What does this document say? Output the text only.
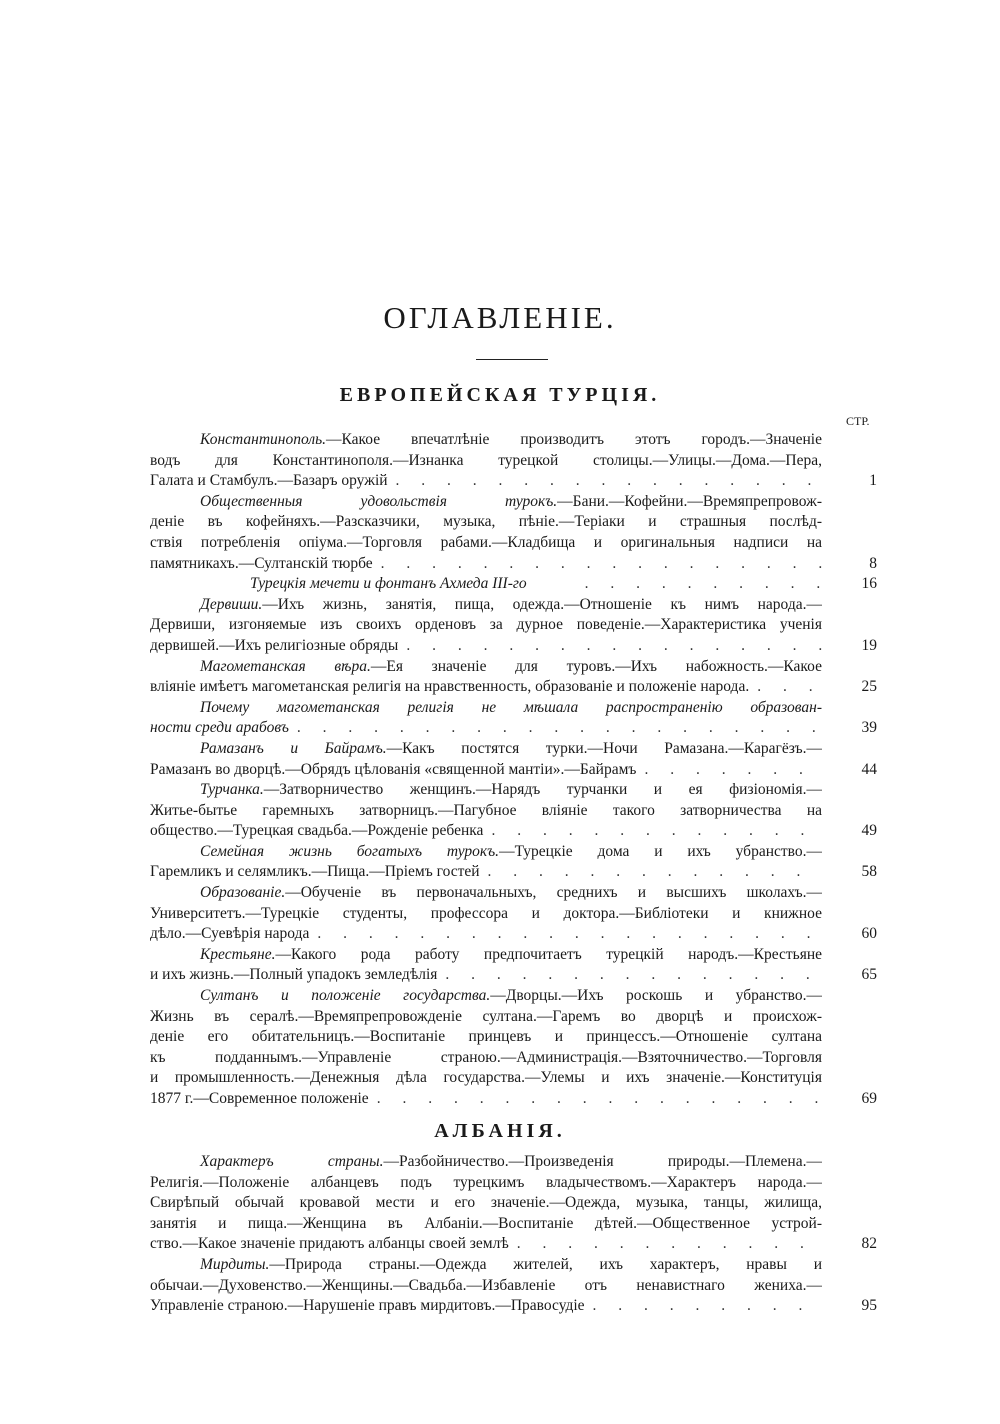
ОГЛАВЛЕНІЕ.
ЕВРОПЕЙСКАЯ ТУРЦІЯ.
СТР.
Константинополь.—Какое впечатлѣніе производитъ этотъ городъ.—Значеніе
водъ для Константинополя.—Изнанка турецкой столицы.—Улицы.—Дома.—Пера,
Галата и Стамбулъ.—Базаръ оружій . . .	1
Общественныя удовольствія турокъ.—Бани.—Кофейни.—Времяпрепровож-
деніе въ кофейняхъ.—Разсказчики, музыка, пѣніе.—Теріаки и страшныя послѣд-
ствія потребленія опіума.—Торговля рабами.—Кладбища и оригинальныя надписи на
памятникахъ.—Султанскій тюрбе . . .	8
Турецкія мечети и фонтанъ Ахмеда III-го . . .	16
Дервиши.—Ихъ жизнь, занятія, пища, одежда.—Отношеніе къ нимъ народа.—
Дервиши, изгоняемые изъ своихъ орденовъ за дурное поведеніе.—Характеристика ученія
дервишей.—Ихъ религіозные обряды . . .	19
Магометанская вѣра.—Ея значеніе для туровъ.—Ихъ набожность.—Какое
вліяніе имѣетъ магометанская религія на нравственность, образованіе и положеніе народа. . . .	25
Почему магометанская религія не мѣшала распространенію образован-
ности среди арабовъ . . .	39
Рамазанъ и Байрамъ.—Какъ постятся турки.—Ночи Рамазана.—Карагёзъ.—
Рамазанъ во дворцѣ.—Обрядъ цѣлованія «священной мантіи».—Байрамъ . . .	44
Турчанка.—Затворничество женщинъ.—Нарядъ турчанки и ея физіономія.—
Житье-бытье гаремныхъ затворницъ.—Пагубное вліяніе такого затворничества на
общество.—Турецкая свадьба.—Рожденіе ребенка . . .	49
Семейная жизнь богатыхъ турокъ.—Турецкіе дома и ихъ убранство.—
Гаремликъ и селямликъ.—Пища.—Пріемъ гостей . . .	58
Образованіе.—Обученіе въ первоначальныхъ, среднихъ и высшихъ школахъ.—
Университетъ.—Турецкіе студенты, профессора и доктора.—Библіотеки и книжное
дѣло.—Суевѣрія народа . . .	60
Крестьяне.—Какого рода работу предпочитаетъ турецкій народъ.—Крестьяне
и ихъ жизнь.—Полный упадокъ земледѣлія . . .	65
Султанъ и положеніе государства.—Дворцы.—Ихъ роскошь и убранство.—
Жизнь въ сералѣ.—Времяпрепровожденіе султана.—Гаремъ во дворцѣ и происхож-
деніе его обитательницъ.—Воспитаніе принцевъ и принцессъ.—Отношеніе султана
къ подданнымъ.—Управленіе страною.—Администрація.—Взяточничество.—Торговля
и промышленность.—Денежныя дѣла государства.—Улемы и ихъ значеніе.—Конституція
1877 г.—Современное положеніе . . .	69
АЛБАНІЯ.
Характеръ страны.—Разбойничество.—Произведенія природы.—Племена.—
Религія.—Положеніе албанцевъ подъ турецкимъ владычествомъ.—Характеръ народа.—
Свирѣпый обычай кровавой мести и его значеніе.—Одежда, музыка, танцы, жилища,
занятія и пища.—Женщина въ Албаніи.—Воспитаніе дѣтей.—Общественное устрой-
ство.—Какое значеніе придаютъ албанцы своей землѣ . . .	82
Мирдиты.—Природа страны.—Одежда жителей, ихъ характеръ, нравы и
обычаи.—Духовенство.—Женщины.—Свадьба.—Избавленіе отъ ненавистнаго жениха.—
Управленіе страною.—Нарушеніе правъ мирдитовъ.—Правосудіе . . .	95
